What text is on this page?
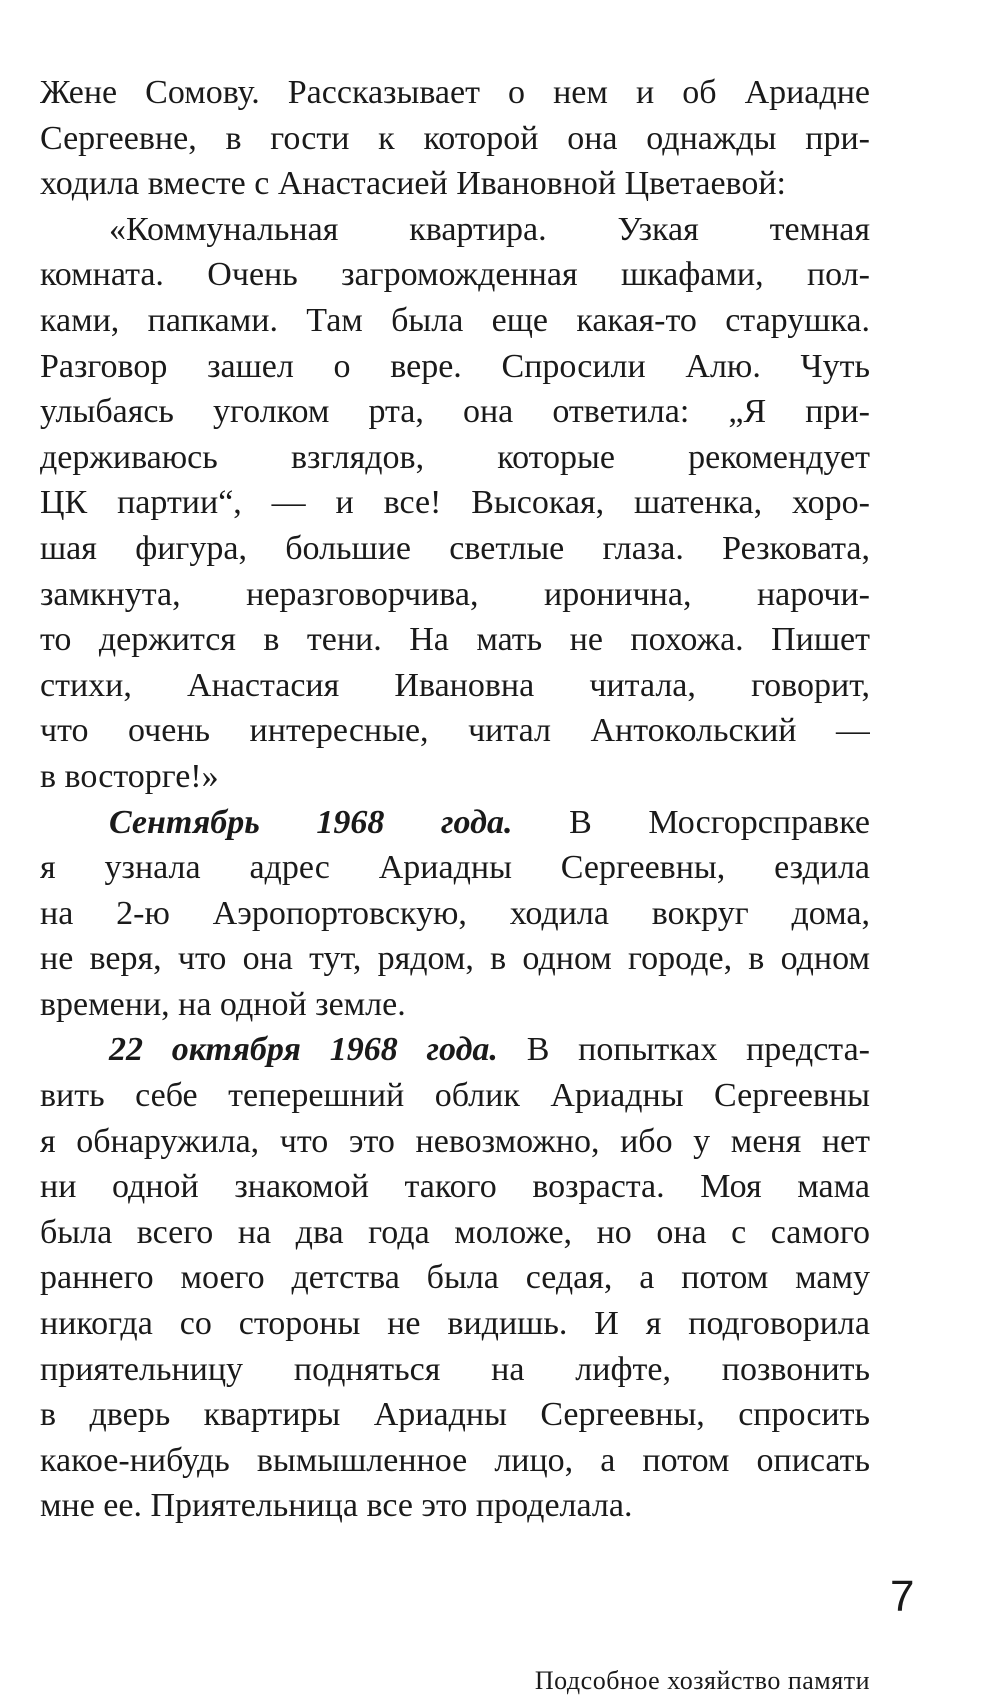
Жене Сомову. Рассказывает о нем и об Ариадне
Сергеевне, в гости к которой она однажды при-
ходила вместе с Анастасией Ивановной Цветаевой:
«Коммунальная квартира. Узкая темная
комната. Очень загроможденная шкафами, пол-
ками, папками. Там была еще какая-то старушка.
Разговор зашел о вере. Спросили Алю. Чуть
улыбаясь уголком рта, она ответила: „Я при-
держиваюсь взглядов, которые рекомендует
ЦК партии“, — и все! Высокая, шатенка, хоро-
шая фигура, большие светлые глаза. Резковата,
замкнута, неразговорчива, иронична, нарочи-
то держится в тени. На мать не похожа. Пишет
стихи, Анастасия Ивановна читала, говорит,
что очень интересные, читал Антокольский —
в восторге!»
Сентябрь 1968 года. В Мосгорсправке
я узнала адрес Ариадны Сергеевны, ездила
на 2-ю Аэропортовскую, ходила вокруг дома,
не веря, что она тут, рядом, в одном городе, в одном
времени, на одной земле.
22 октября 1968 года. В попытках предста-
вить себе теперешний облик Ариадны Сергеевны
я обнаружила, что это невозможно, ибо у меня нет
ни одной знакомой такого возраста. Моя мама
была всего на два года моложе, но она с самого
раннего моего детства была седая, а потом маму
никогда со стороны не видишь. И я подговорила
приятельницу подняться на лифте, позвонить
в дверь квартиры Ариадны Сергеевны, спросить
какое-нибудь вымышленное лицо, а потом описать
мне ее. Приятельница все это проделала.
7
Подсобное хозяйство памяти
